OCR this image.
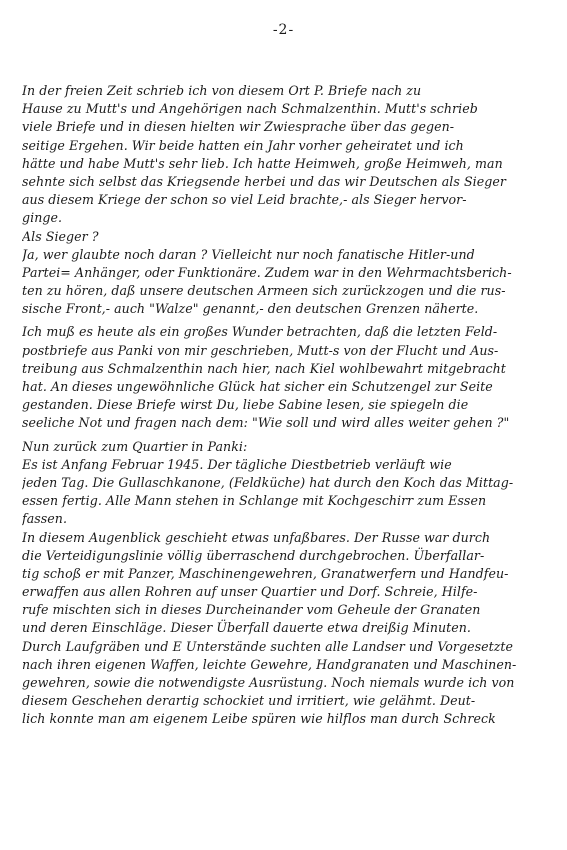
-2-
In der freien Zeit schrieb ich von diesem Ort P. Briefe nach zu
Hause zu Mutt's und Angehörigen nach Schmalzenthin. Mutt's schrieb
viele Briefe und in diesen hielten wir Zwiesprache über das gegen-
seitige Ergehen. Wir beide hatten ein Jahr vorher geheiratet und ich
hätte und habe Mutt's sehr lieb. Ich hatte Heimweh, große Heimweh, man
sehnte sich selbst das Kriegsende herbei und das wir Deutschen als Sieger
aus diesem Kriege der schon so viel Leid brachte,- als Sieger hervor-
ginge.
Als Sieger ?
Ja, wer glaubte noch daran ? Vielleicht nur noch fanatische Hitler-und
Partei= Anhänger, oder Funktionäre. Zudem war in den Wehrmachtsberich-
ten zu hören, daß unsere deutschen Armeen sich zurückzogen und die rus-
sische Front,- auch "Walze" genannt,- den deutschen Grenzen näherte.
Ich muß es heute als ein großes Wunder betrachten, daß die letzten Feld-
postbriefe aus Panki von mir geschrieben, Mutt-s von der Flucht und Aus-
treibung aus Schmalzenthin nach hier, nach Kiel wohlbewahrt mitgebracht
hat. An dieses ungewöhnliche Glück hat sicher ein Schutzengel zur Seite
gestanden. Diese Briefe wirst Du, liebe Sabine lesen, sie spiegeln die
seeliche Not und fragen nach dem: "Wie soll und wird alles weiter gehen ?"
Nun zurück zum Quartier in Panki:
Es ist Anfang Februar 1945. Der tägliche Diestbetrieb verläuft wie
jeden Tag. Die Gullaschkanone, (Feldküche) hat durch den Koch das Mittag-
essen fertig. Alle Mann stehen in Schlange mit Kochgeschirr zum Essen
fassen.
In diesem Augenblick geschieht etwas unfaßbares. Der Russe war durch
die Verteidigungslinie völlig überraschend durchgebrochen. Überfallar-
tig schoß er mit Panzer, Maschinengewehren, Granatwerfern und Handfeu-
erwaffen aus allen Rohren auf unser Quartier und Dorf. Schreie, Hilfe-
rufe mischten sich in dieses Durcheinander vom Geheule der Granaten
und deren Einschläge. Dieser Überfall dauerte etwa dreißig Minuten.
Durch Laufgräben und E Unterstände suchten alle Landser und Vorgesetzte
nach ihren eigenen Waffen, leichte Gewehre, Handgranaten und Maschinen-
gewehren, sowie die notwendigste Ausrüstung. Noch niemals wurde ich von
diesem Geschehen derartig schockiet und irritiert, wie gelähmt. Deut-
lich konnte man am eigenem Leibe spüren wie hilflos man durch Schreck
